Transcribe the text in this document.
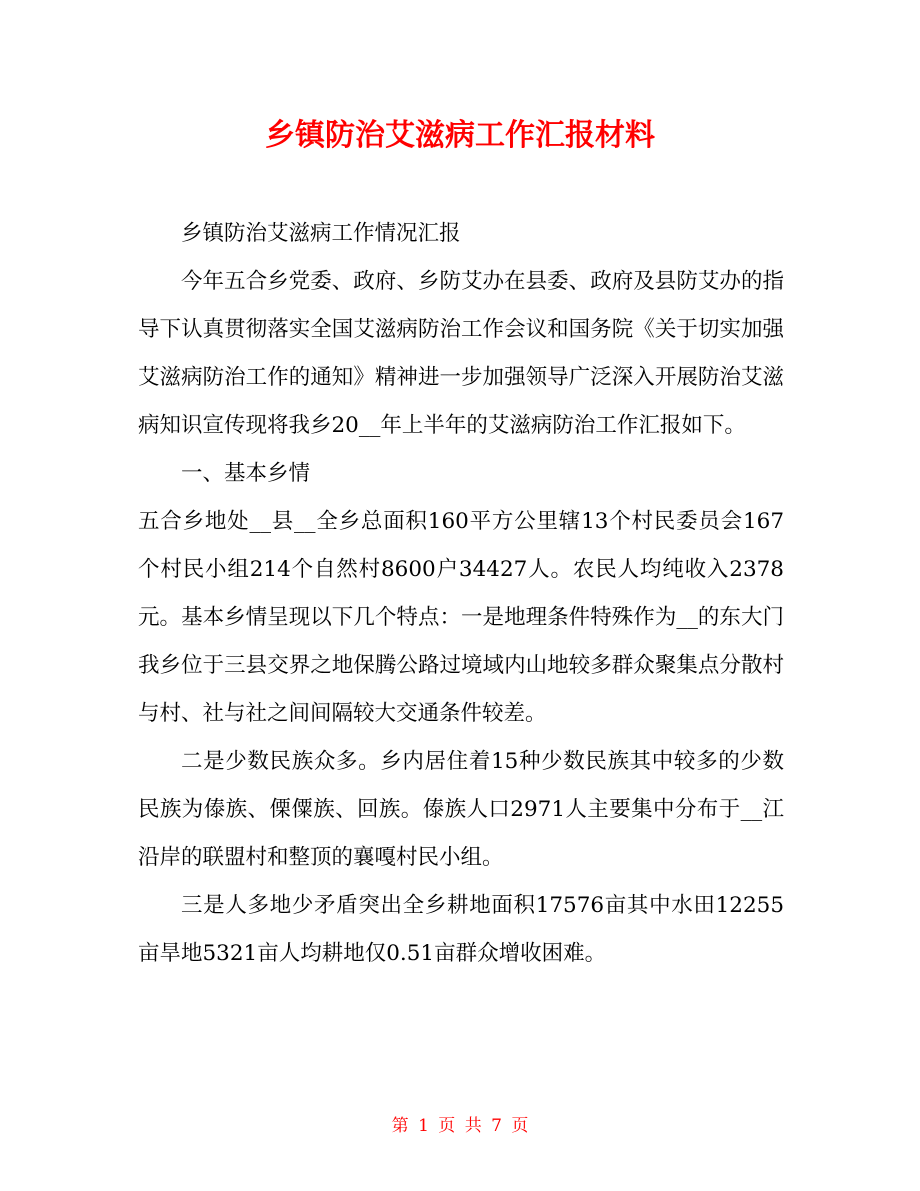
乡镇防治艾滋病工作汇报材料

乡镇防治艾滋病工作情况汇报

今年五合乡党委、政府、乡防艾办在县委、政府及县防艾办的指导下认真贯彻落实全国艾滋病防治工作会议和国务院《关于切实加强艾滋病防治工作的通知》精神进一步加强领导广泛深入开展防治艾滋病知识宣传现将我乡20__年上半年的艾滋病防治工作汇报如下。

一、基本乡情

五合乡地处__县__全乡总面积160平方公里辖13个村民委员会167个村民小组214个自然村8600户34427人。农民人均纯收入2378元。基本乡情呈现以下几个特点：一是地理条件特殊作为__的东大门我乡位于三县交界之地保腾公路过境域内山地较多群众聚集点分散村与村、社与社之间间隔较大交通条件较差。

二是少数民族众多。乡内居住着15种少数民族其中较多的少数民族为傣族、傈僳族、回族。傣族人口2971人主要集中分布于__江沿岸的联盟村和整顶的襄嘎村民小组。

三是人多地少矛盾突出全乡耕地面积17576亩其中水田12255亩旱地5321亩人均耕地仅0.51亩群众增收困难。

第 1 页 共 7 页
